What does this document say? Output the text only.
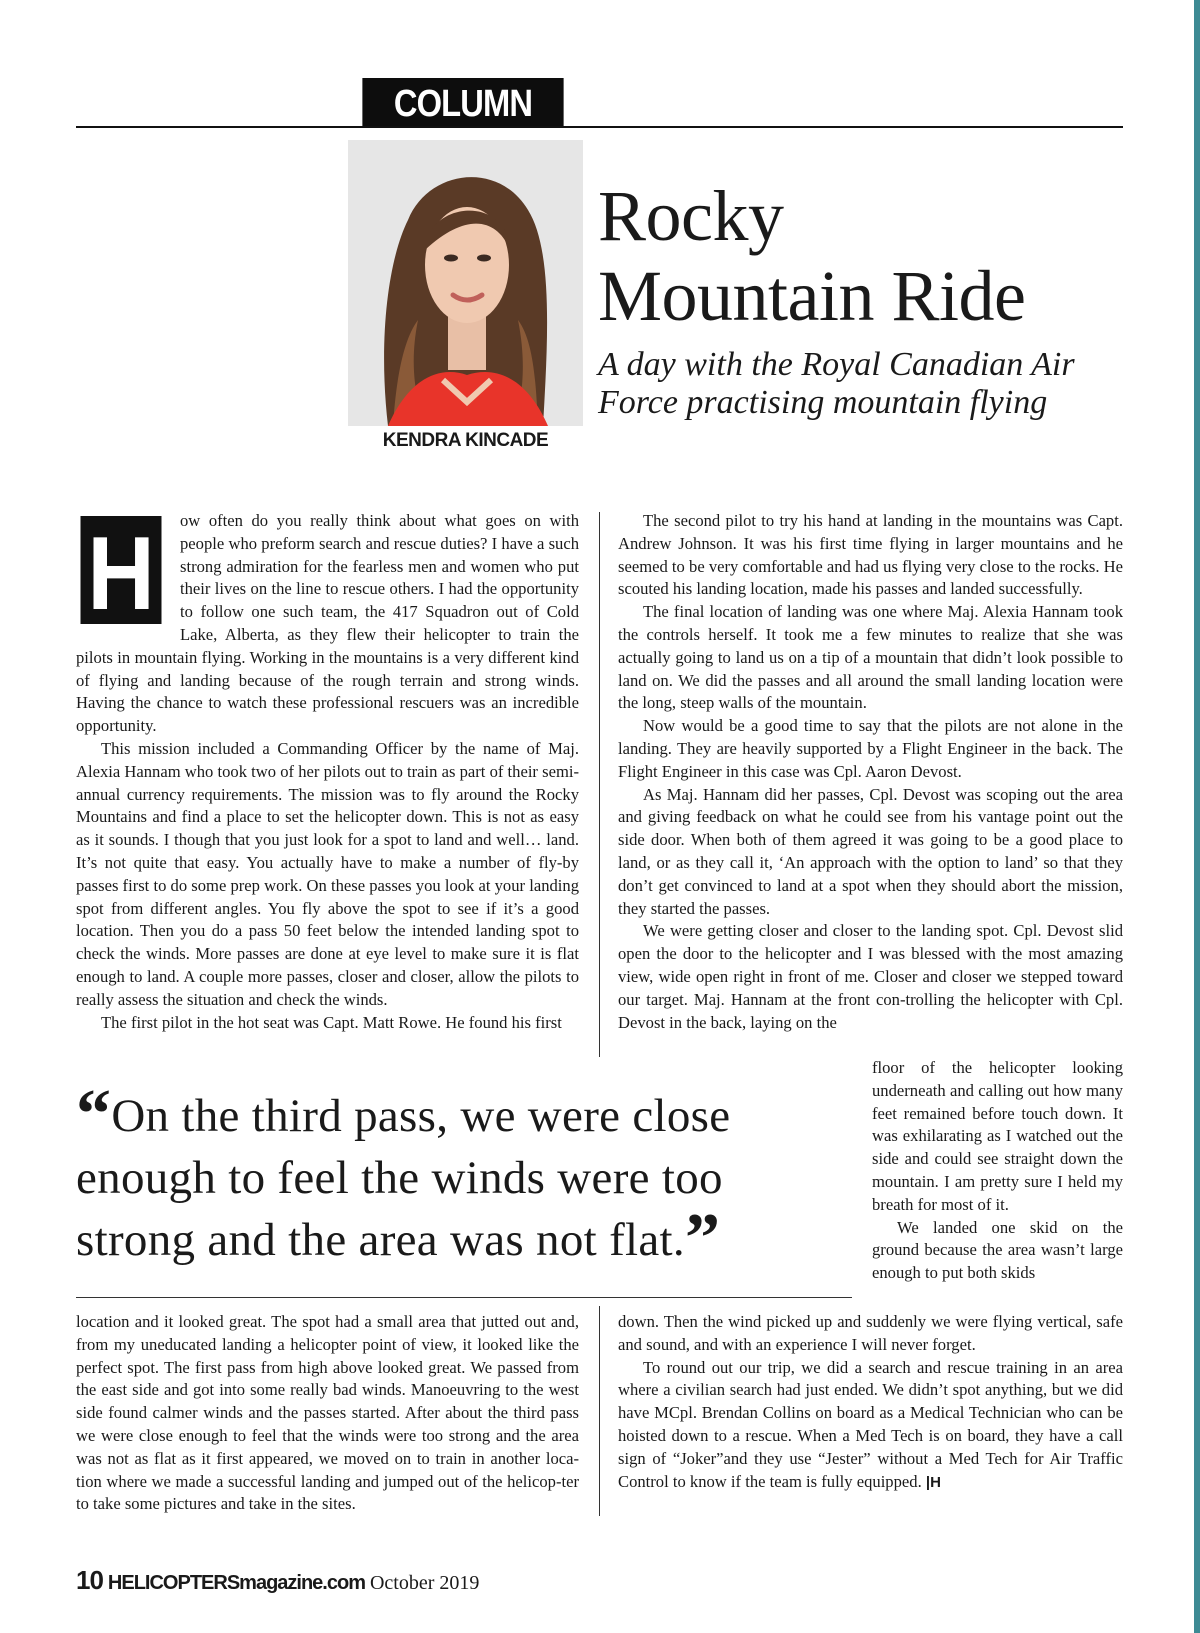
COLUMN
KENDRA KINCADE
Rocky
Mountain Ride

A day with the Royal Canadian Air Force practising mountain flying

H	ow often do you really think about what goes on with people who preform search and rescue duties? I have a such strong admiration for the fearless men and women who put their lives on the line to rescue others. I had the opportunity to follow one such team, the 417 Squadron out of Cold Lake, Alberta, as they flew their helicopter to train the pilots in mountain flying. Working in the mountains is a very different kind of flying and landing because of the rough terrain and strong winds. Having the chance to watch these professional rescuers was an incredible opportunity.

This mission included a Commanding Officer by the name of Maj. Alexia Hannam who took two of her pilots out to train as part of their semi-annual currency requirements. The mission was to fly around the Rocky Mountains and find a place to set the helicopter down. This is not as easy as it sounds. I though that you just look for a spot to land and well… land. It’s not quite that easy. You actually have to make a number of fly-by passes first to do some prep work. On these passes you look at your landing spot from different angles. You fly above the spot to see if it’s a good location. Then you do a pass 50 feet below the intended landing spot to check the winds. More passes are done at eye level to make sure it is flat enough to land. A couple more passes, closer and closer, allow the pilots to really assess the situation and check the winds.

The first pilot in the hot seat was Capt. Matt Rowe. He found his first

The second pilot to try his hand at landing in the mountains was Capt. Andrew Johnson. It was his first time flying in larger mountains and he seemed to be very comfortable and had us flying very close to the rocks. He scouted his landing location, made his passes and landed successfully.

The final location of landing was one where Maj. Alexia Hannam took the controls herself. It took me a few minutes to realize that she was actually going to land us on a tip of a mountain that didn’t look possible to land on. We did the passes and all around the small landing location were the long, steep walls of the mountain.

Now would be a good time to say that the pilots are not alone in the landing. They are heavily supported by a Flight Engineer in the back. The Flight Engineer in this case was Cpl. Aaron Devost.

As Maj. Hannam did her passes, Cpl. Devost was scoping out the area and giving feedback on what he could see from his vantage point out the side door. When both of them agreed it was going to be a good place to land, or as they call it, ‘An approach with the option to land’ so that they don’t get convinced to land at a spot when they should abort the mission, they started the passes.

We were getting closer and closer to the landing spot. Cpl. Devost slid open the door to the helicopter and I was blessed with the most amazing view, wide open right in front of me. Closer and closer we stepped toward our target. Maj. Hannam at the front con-trolling the helicopter with Cpl. Devost in the back, laying on the

floor of the helicopter looking underneath and calling out how many feet remained before touch down. It was exhilarating as I watched out the side and could see straight down the mountain. I am pretty sure I held my breath for most of it.

We landed one skid on the ground because the area wasn’t large enough to put both skids

“On the third pass, we were close enough to feel the winds were too strong and the area was not flat.”

location and it looked great. The spot had a small area that jutted out and, from my uneducated landing a helicopter point of view, it looked like the perfect spot. The first pass from high above looked great. We passed from the east side and got into some really bad winds. Manoeuvring to the west side found calmer winds and the passes started. After about the third pass we were close enough to feel that the winds were too strong and the area was not as flat as it first appeared, we moved on to train in another loca-tion where we made a successful landing and jumped out of the helicop-ter to take some pictures and take in the sites.

down. Then the wind picked up and suddenly we were flying vertical, safe and sound, and with an experience I will never forget.

To round out our trip, we did a search and rescue training in an area where a civilian search had just ended. We didn’t spot anything, but we did have MCpl. Brendan Collins on board as a Medical Technician who can be hoisted down to a rescue. When a Med Tech is on board, they have a call sign of “Joker”and they use “Jester” without a Med Tech for Air Traffic Control to know if the team is fully equipped. |H

10 HELICOPTERSmagazine.com October 2019
